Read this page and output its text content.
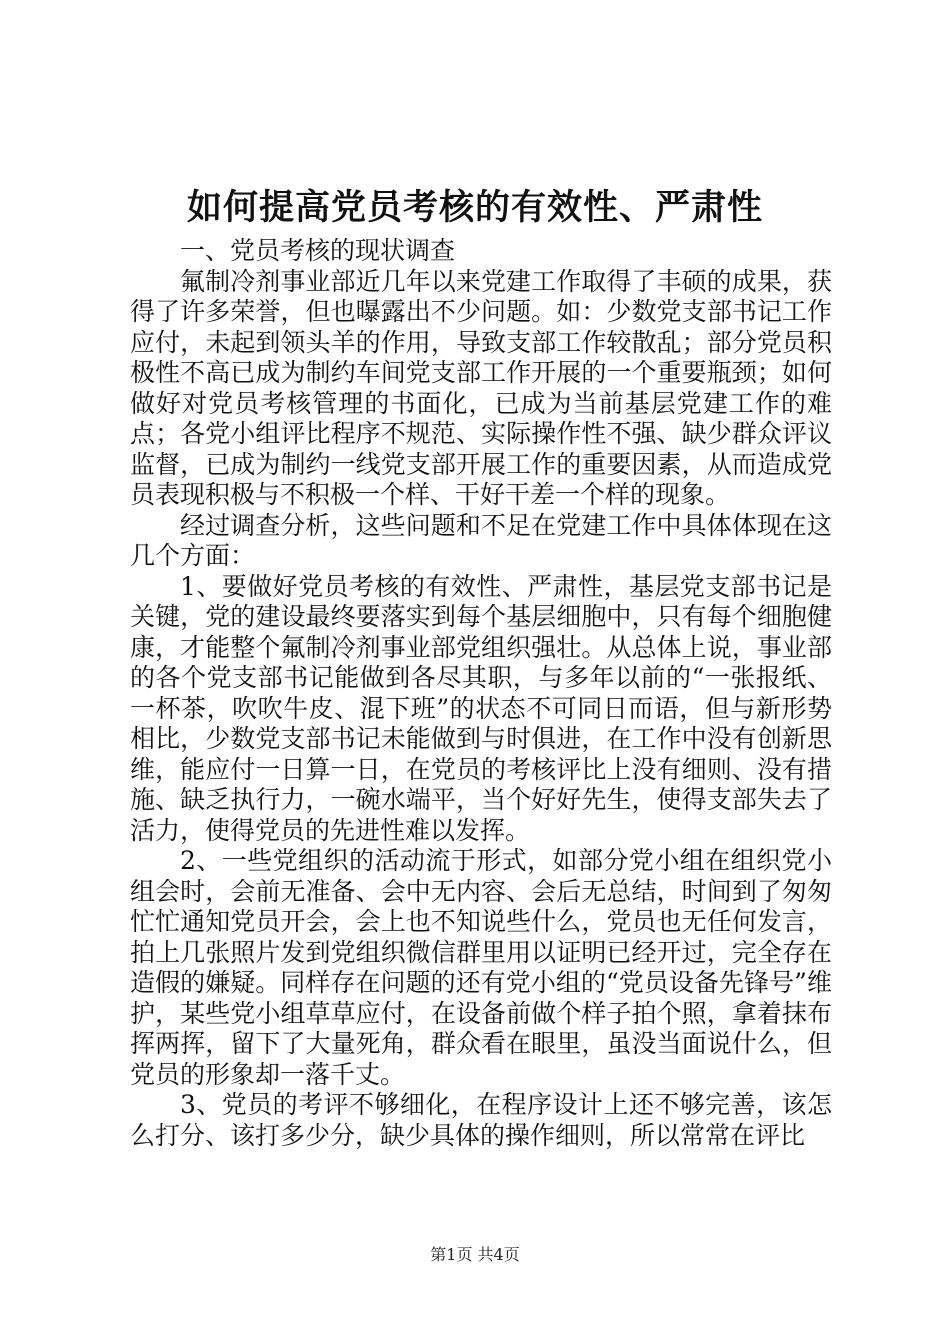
如何提高党员考核的有效性、严肃性

一、党员考核的现状调查

氟制冷剂事业部近几年以来党建工作取得了丰硕的成果，获得了许多荣誉，但也曝露出不少问题。如：少数党支部书记工作应付，未起到领头羊的作用，导致支部工作较散乱；部分党员积极性不高已成为制约车间党支部工作开展的一个重要瓶颈；如何做好对党员考核管理的书面化，已成为当前基层党建工作的难点；各党小组评比程序不规范、实际操作性不强、缺少群众评议监督，已成为制约一线党支部开展工作的重要因素，从而造成党员表现积极与不积极一个样、干好干差一个样的现象。

经过调查分析，这些问题和不足在党建工作中具体体现在这几个方面：

1、要做好党员考核的有效性、严肃性，基层党支部书记是关键，党的建设最终要落实到每个基层细胞中，只有每个细胞健康，才能整个氟制冷剂事业部党组织强壮。从总体上说，事业部的各个党支部书记能做到各尽其职，与多年以前的“一张报纸、一杯茶，吹吹牛皮、混下班”的状态不可同日而语，但与新形势相比，少数党支部书记未能做到与时俱进，在工作中没有创新思维，能应付一日算一日，在党员的考核评比上没有细则、没有措施、缺乏执行力，一碗水端平，当个好好先生，使得支部失去了活力，使得党员的先进性难以发挥。

2、一些党组织的活动流于形式，如部分党小组在组织党小组会时，会前无准备、会中无内容、会后无总结，时间到了匆匆忙忙通知党员开会，会上也不知说些什么，党员也无任何发言，拍上几张照片发到党组织微信群里用以证明已经开过，完全存在造假的嫌疑。同样存在问题的还有党小组的“党员设备先锋号”维护，某些党小组草草应付，在设备前做个样子拍个照，拿着抹布挥两挥，留下了大量死角，群众看在眼里，虽没当面说什么，但党员的形象却一落千丈。

3、党员的考评不够细化，在程序设计上还不够完善，该怎么打分、该打多少分，缺少具体的操作细则，所以常常在评比

第1页 共4页
